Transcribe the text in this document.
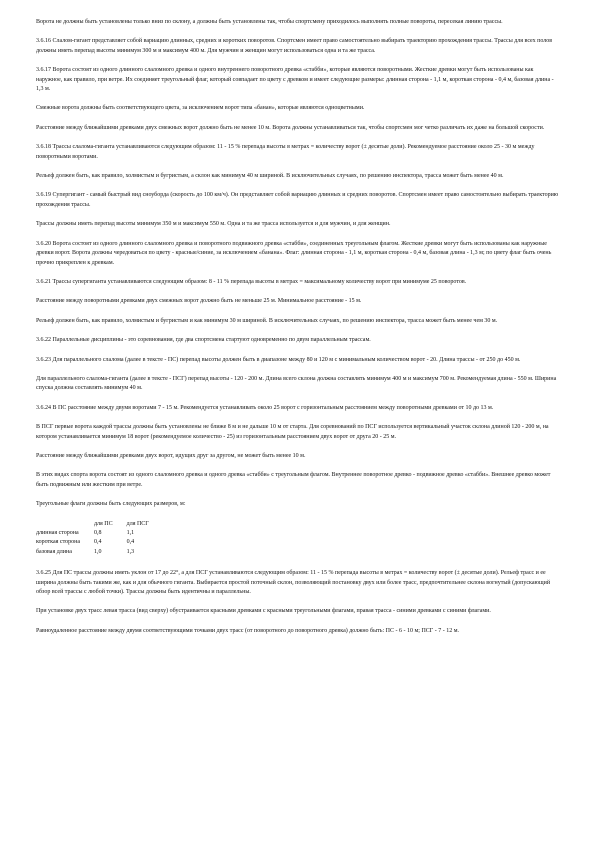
Ворота не должны быть установлены только вниз по склону, а должны быть установлены так, чтобы спортсмену приходилось выполнять полные повороты, пересекая линию трассы.

3.6.16 Слалом-гигант представляет собой вариацию длинных, средних и коротких поворотов. Спортсмен имеет право самостоятельно выбирать траекторию прохождения трассы. Трассы для всех полов должны иметь перепад высоты минимум 300 м и максимум 400 м. Для мужчин и женщин могут использоваться одна и та же трасса.

3.6.17 Ворота состоят из одного длинного слаломного древка и одного внутреннего поворотного древка «стабби», которые являются поворотными. Жесткие древки могут быть использованы как наружное, как правило, при ветре. Их соединяет треугольный флаг, который совпадает по цвету с древком и имеет следующие размеры: длинная сторона - 1,1 м, короткая сторона - 0,4 м, базовая длина - 1,3 м.

Смежные ворота должны быть соответствующего цвета, за исключением ворот типа «банан», которые являются одноцветными.

Расстояние между ближайшими древками двух смежных ворот должно быть не менее 10 м. Ворота должны устанавливаться так, чтобы спортсмен мог четко различать их даже на большой скорости.

3.6.18 Трассы слалома-гиганта устанавливаются следующим образом: 11 - 15 % перепада высоты в метрах = количеству ворот (± десятые доли). Рекомендуемое расстояние около 25 - 30 м между поворотными воротами.

Рельеф должен быть, как правило, холмистым и бугристым, а склон как минимум 40 м шириной. В исключительных случаях, по решению инспектора, трасса может быть менее 40 м.

3.6.19 Супергигант - самый быстрый вид сноуборда (скорость до 100 км/ч). Он представляет собой вариацию длинных и средних поворотов. Спортсмен имеет право самостоятельно выбирать траекторию прохождения трассы.

Трассы должны иметь перепад высоты минимум 350 м и максимум 550 м. Одна и та же трасса используется и для мужчин, и для женщин.

3.6.20 Ворота состоят из одного длинного слаломного древка и поворотного подвижного древка «стабби», соединенных треугольным флагом. Жесткие древки могут быть использованы как наружные древки ворот. Ворота должны чередоваться по цвету - красные/синие, за исключением «банана». Флаг: длинная сторона - 1,1 м, короткая сторона - 0,4 м, базовая длина - 1,3 м; по цвету флаг быть очень прочно прикреплен к древкам.

3.6.21 Трассы супергиганта устанавливаются следующим образом: 8 - 11 % перепада высоты в метрах = максимальному количеству ворот при минимуме 25 поворотов.

Расстояние между поворотными древками двух смежных ворот должно быть не меньше 25 м. Минимальное расстояние - 15 м.

Рельеф должен быть, как правило, холмистым и бугристым и как минимум 30 м шириной. В исключительных случаях, по решению инспектора, трасса может быть менее чем 30 м.

3.6.22 Параллельные дисциплины - это соревнования, где два спортсмена стартуют одновременно по двум параллельным трассам.

3.6.23 Для параллельного слалома (далее в тексте - ПС) перепад высоты должен быть в диапазоне между 80 и 120 м с минимальным количеством ворот - 20. Длина трассы - от 250 до 450 м.

Для параллельного слалома-гиганта (далее в тексте - ПСГ) перепад высоты - 120 - 200 м. Длина всего склона должна составлять минимум 400 м и максимум 700 м. Рекомендуемая длина - 550 м. Ширина спуска должна составлять минимум 40 м.

3.6.24 В ПС расстояние между двумя воротами 7 - 15 м. Рекомендуется устанавливать около 25 ворот с горизонтальным расстоянием между поворотными древками от 10 до 13 м.

В ПСГ первые ворота каждой трассы должны быть установлены не ближе 8 м и не дальше 10 м от старта. Для соревнований по ПСГ используется вертикальный участок склона длиной 120 - 200 м, на котором устанавливается минимум 18 ворот (рекомендуемое количество - 25) из горизонтальным расстоянием двух ворот от друга 20 - 25 м.

Расстояние между ближайшими древками двух ворот, идущих друг за другом, не может быть менее 10 м.

В этих видах спорта ворота состоят из одного слаломного древка и одного древка «стабби» с треугольным флагом. Внутреннее поворотное древко - подвижное древко «стабби». Внешнее древко может быть подвижным или жестким при ветре.

Треугольные флаги должны быть следующих размеров, м:

	для ПС	для ПСГ
длинная сторона	0,8	1,1
короткая сторона	0,4	0,4
базовая длина	1,0	1,3

3.6.25 Для ПС трассы должны иметь уклон от 17 до 22°, а для ПСГ устанавливаются следующим образом: 11 - 15 % перепада высоты в метрах = количеству ворот (± десятые доли). Рельеф трасс и ее ширина должны быть такими же, как и для обычного гиганта. Выбирается простой поточный склон, позволяющий постановку двух или более трасс, предпочтительнее склона вогнутый (допускающий обзор всей трассы с любой точки). Трассы должны быть идентичны и параллельны.

При установке двух трасс левая трасса (вид сверху) обустраивается красными древками с красными треугольными флагами, правая трасса - синими древками с синими флагами.

Равноудаленное расстояние между двумя соответствующими точками двух трасс (от поворотного до поворотного древка) должно быть: ПС - 6 - 10 м; ПСГ - 7 - 12 м.
